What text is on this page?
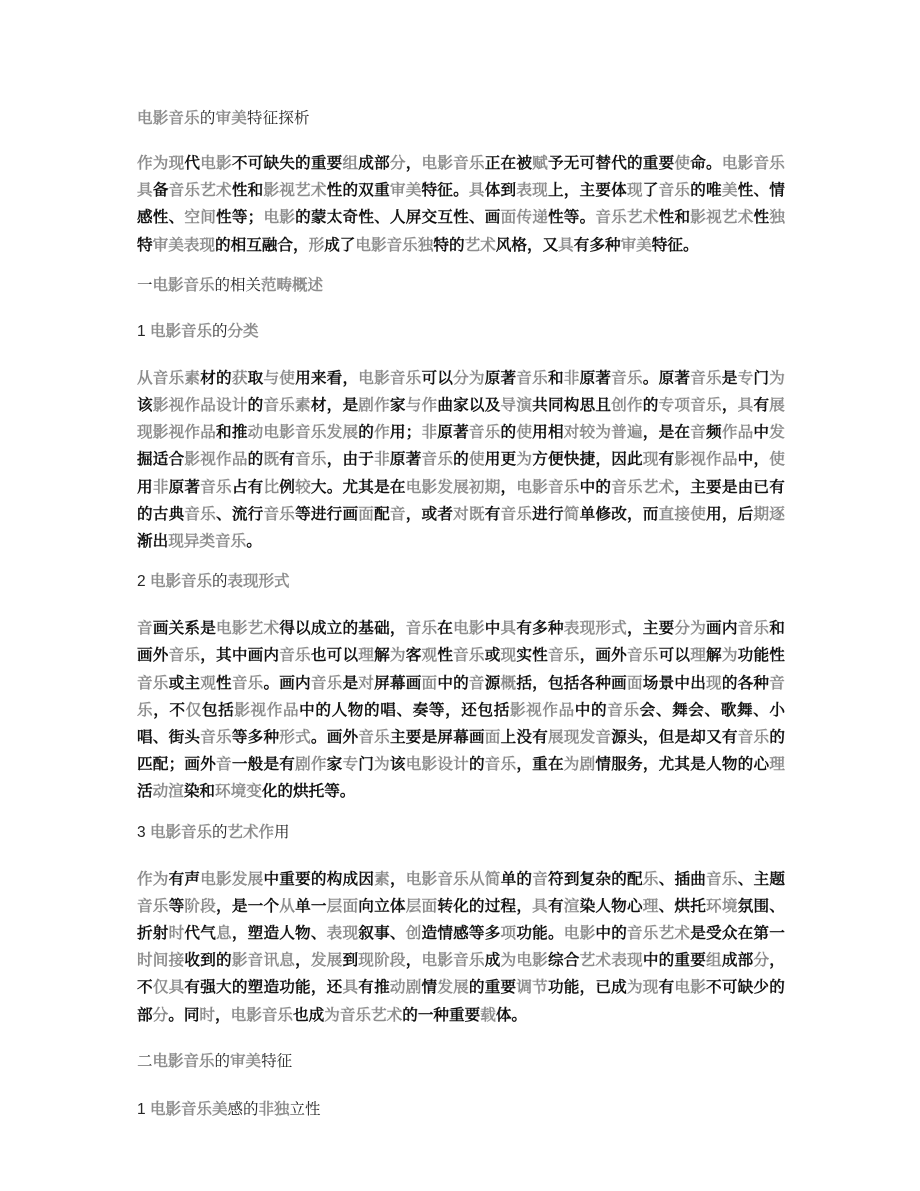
电影音乐的审美特征探析

作为现代电影不可缺失的重要组成部分，电影音乐正在被赋予无可替代的重要使命。电影音乐具备音乐艺术性和影视艺术性的双重审美特征。具体到表现上，主要体现了音乐的唯美性、情感性、空间性等；电影的蒙太奇性、人屏交互性、画面传递性等。音乐艺术性和影视艺术性独特审美表现的相互融合，形成了电影音乐独特的艺术风格，又具有多种审美特征。

一电影音乐的相关范畴概述
1 电影音乐的分类

从音乐素材的获取与使用来看，电影音乐可以分为原著音乐和非原著音乐。原著音乐是专门为该影视作品设计的音乐素材，是剧作家与作曲家以及导演共同构思且创作的专项音乐，具有展现影视作品和推动电影音乐发展的作用；非原著音乐的使用相对较为普遍，是在音频作品中发掘适合影视作品的既有音乐，由于非原著音乐的使用更为方便快捷，因此现有影视作品中，使用非原著音乐占有比例较大。尤其是在电影发展初期，电影音乐中的音乐艺术，主要是由已有的古典音乐、流行音乐等进行画面配音，或者对既有音乐进行简单修改，而直接使用，后期逐渐出现异类音乐。

2 电影音乐的表现形式

音画关系是电影艺术得以成立的基础，音乐在电影中具有多种表现形式，主要分为画内音乐和画外音乐，其中画内音乐也可以理解为客观性音乐或现实性音乐，画外音乐可以理解为功能性音乐或主观性音乐。画内音乐是对屏幕画面中的音源概括，包括各种画面场景中出现的各种音乐，不仅包括影视作品中的人物的唱、奏等，还包括影视作品中的音乐会、舞会、歌舞、小唱、街头音乐等多种形式。画外音乐主要是屏幕画面上没有展现发音源头，但是却又有音乐的匹配；画外音一般是有剧作家专门为该电影设计的音乐，重在为剧情服务，尤其是人物的心理活动渲染和环境变化的烘托等。

3 电影音乐的艺术作用

作为有声电影发展中重要的构成因素，电影音乐从简单的音符到复杂的配乐、插曲音乐、主题音乐等阶段，是一个从单一层面向立体层面转化的过程，具有渲染人物心理、烘托环境氛围、折射时代气息，塑造人物、表现叙事、创造情感等多项功能。电影中的音乐艺术是受众在第一时间接收到的影音讯息，发展到现阶段，电影音乐成为电影综合艺术表现中的重要组成部分，不仅具有强大的塑造功能，还具有推动剧情发展的重要调节功能，已成为现有电影不可缺少的部分。同时，电影音乐也成为音乐艺术的一种重要载体。

二电影音乐的审美特征
1 电影音乐美感的非独立性
